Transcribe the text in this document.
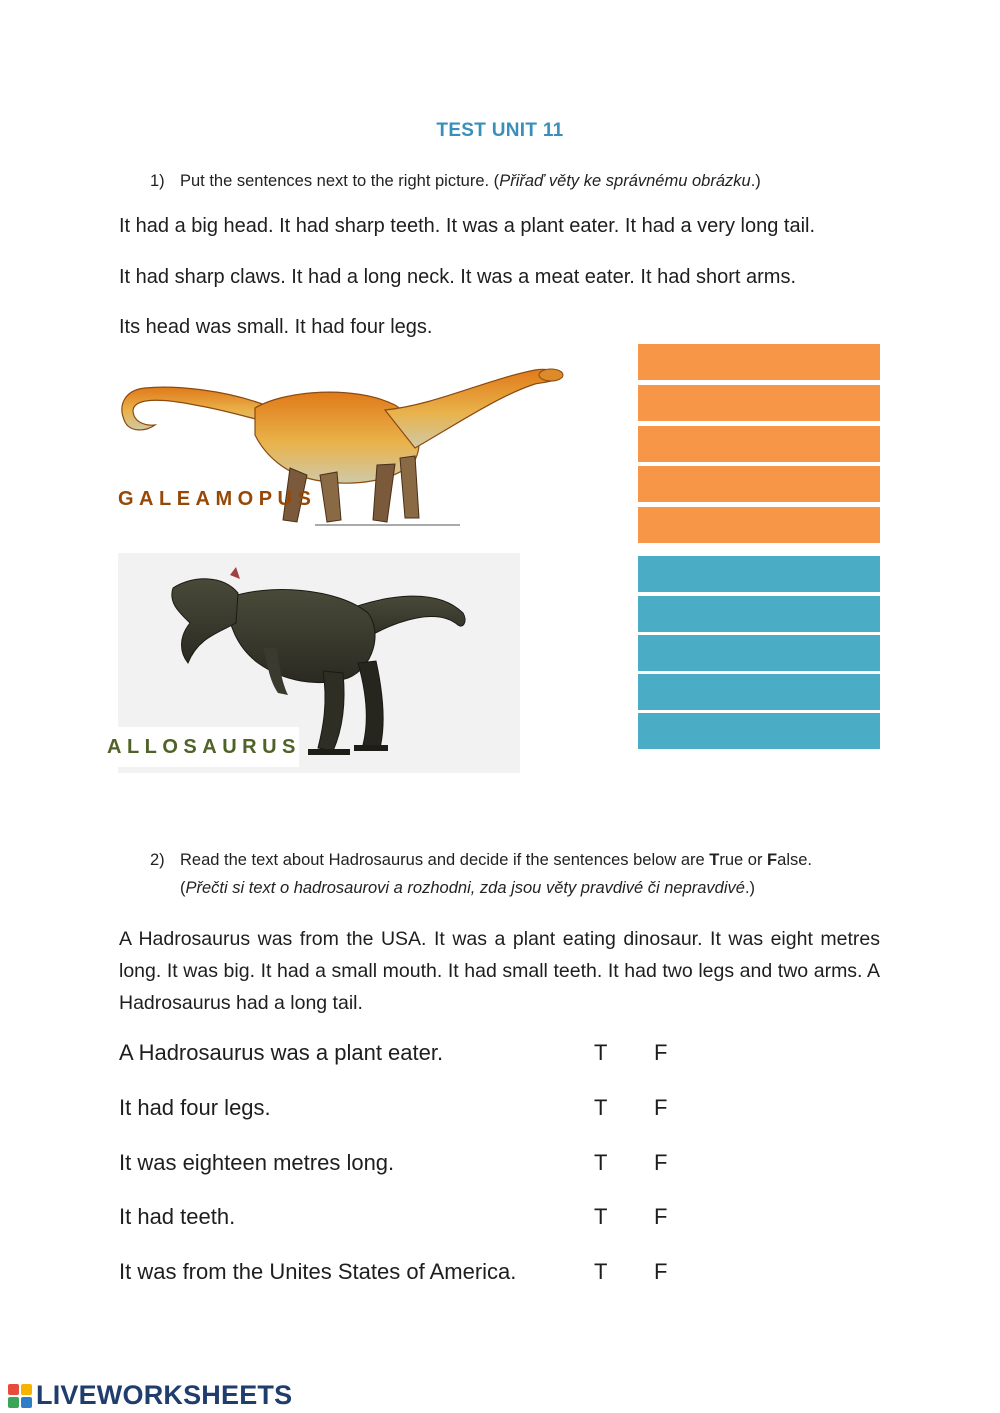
TEST UNIT 11
1) Put the sentences next to the right picture. (Přiřaď věty ke správnému obrázku.)
It had a big head. It had sharp teeth. It was a plant eater. It had a very long tail.
It had sharp claws. It had a long neck. It was a meat eater. It had short arms.
Its head was small. It had four legs.
GALEAMOPUS
ALLOSAURUS
2) Read the text about Hadrosaurus and decide if the sentences below are True or False.
(Přečti si text o hadrosaurovi a rozhodni, zda jsou věty pravdivé či nepravdivé.)
A Hadrosaurus was from the USA. It was a plant eating dinosaur. It was eight metres long. It was big. It had a small mouth. It had small teeth. It had two legs and two arms. A Hadrosaurus had a long tail.
A Hadrosaurus was a plant eater.	T F
It had four legs.	T F
It was eighteen metres long.	T F
It had teeth.	T F
It was from the Unites States of America.	T F
LIVEWORKSHEETS
